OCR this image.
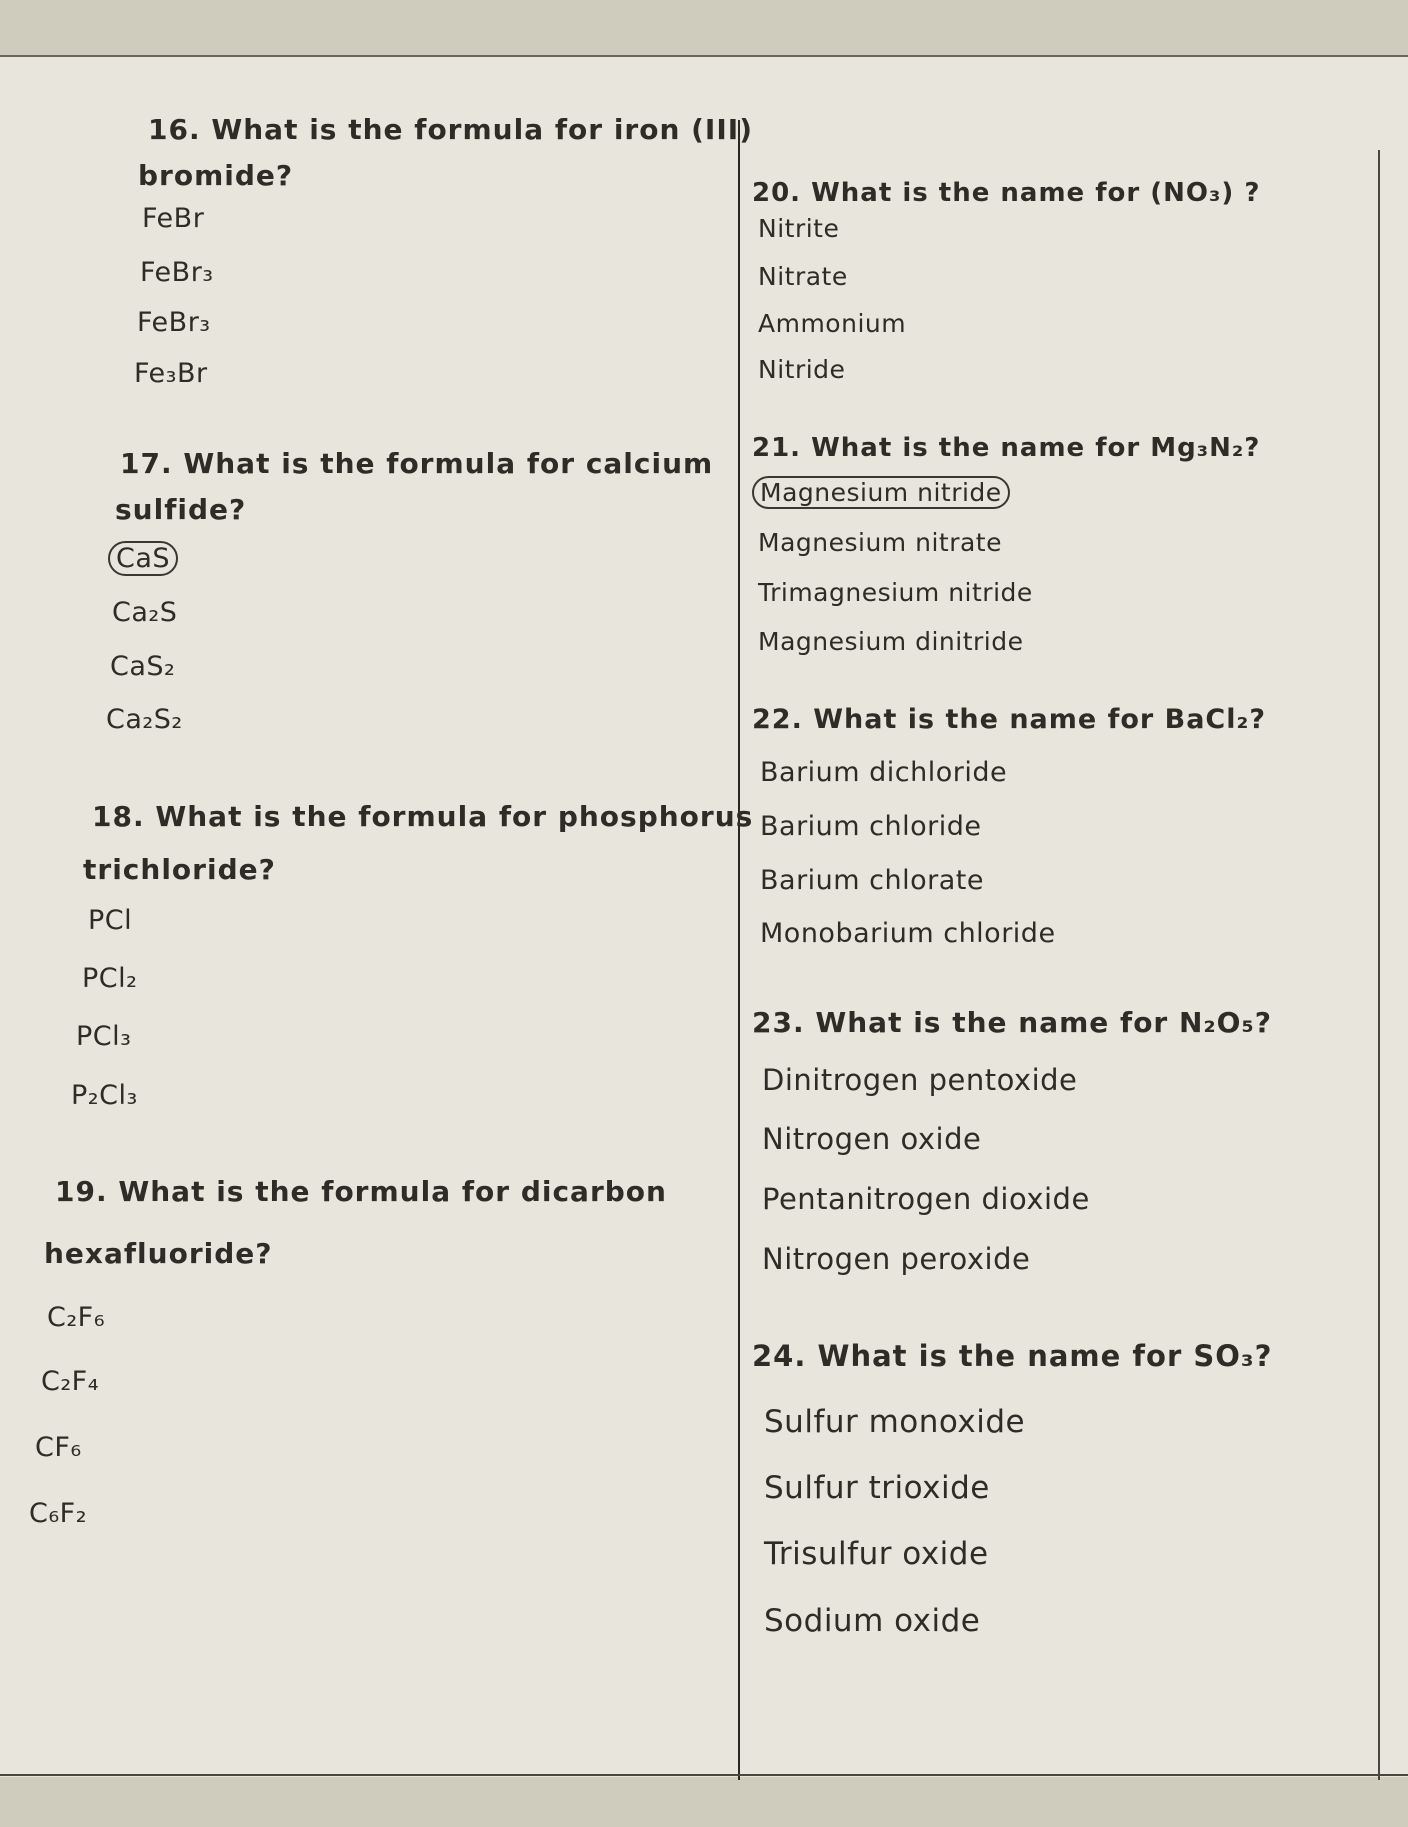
16. What is the formula for iron (III)
bromide?
FeBr
FeBr₃
FeBr₃
Fe₃Br
17. What is the formula for calcium
sulfide?
CaS
Ca₂S
CaS₂
Ca₂S₂
18. What is the formula for phosphorus
trichloride?
PCl
PCl₂
PCl₃
P₂Cl₃
19. What is the formula for dicarbon
hexafluoride?
C₂F₆
C₂F₄
CF₆
C₆F₂
20. What is the name for (NO₃) ?
Nitrite
Nitrate
Ammonium
Nitride
21. What is the name for Mg₃N₂?
Magnesium nitride
Magnesium nitrate
Trimagnesium nitride
Magnesium dinitride
22. What is the name for BaCl₂?
Barium dichloride
Barium chloride
Barium chlorate
Monobarium chloride
23. What is the name for N₂O₅?
Dinitrogen pentoxide
Nitrogen oxide
Pentanitrogen dioxide
Nitrogen peroxide
24. What is the name for SO₃?
Sulfur monoxide
Sulfur trioxide
Trisulfur oxide
Sodium oxide
